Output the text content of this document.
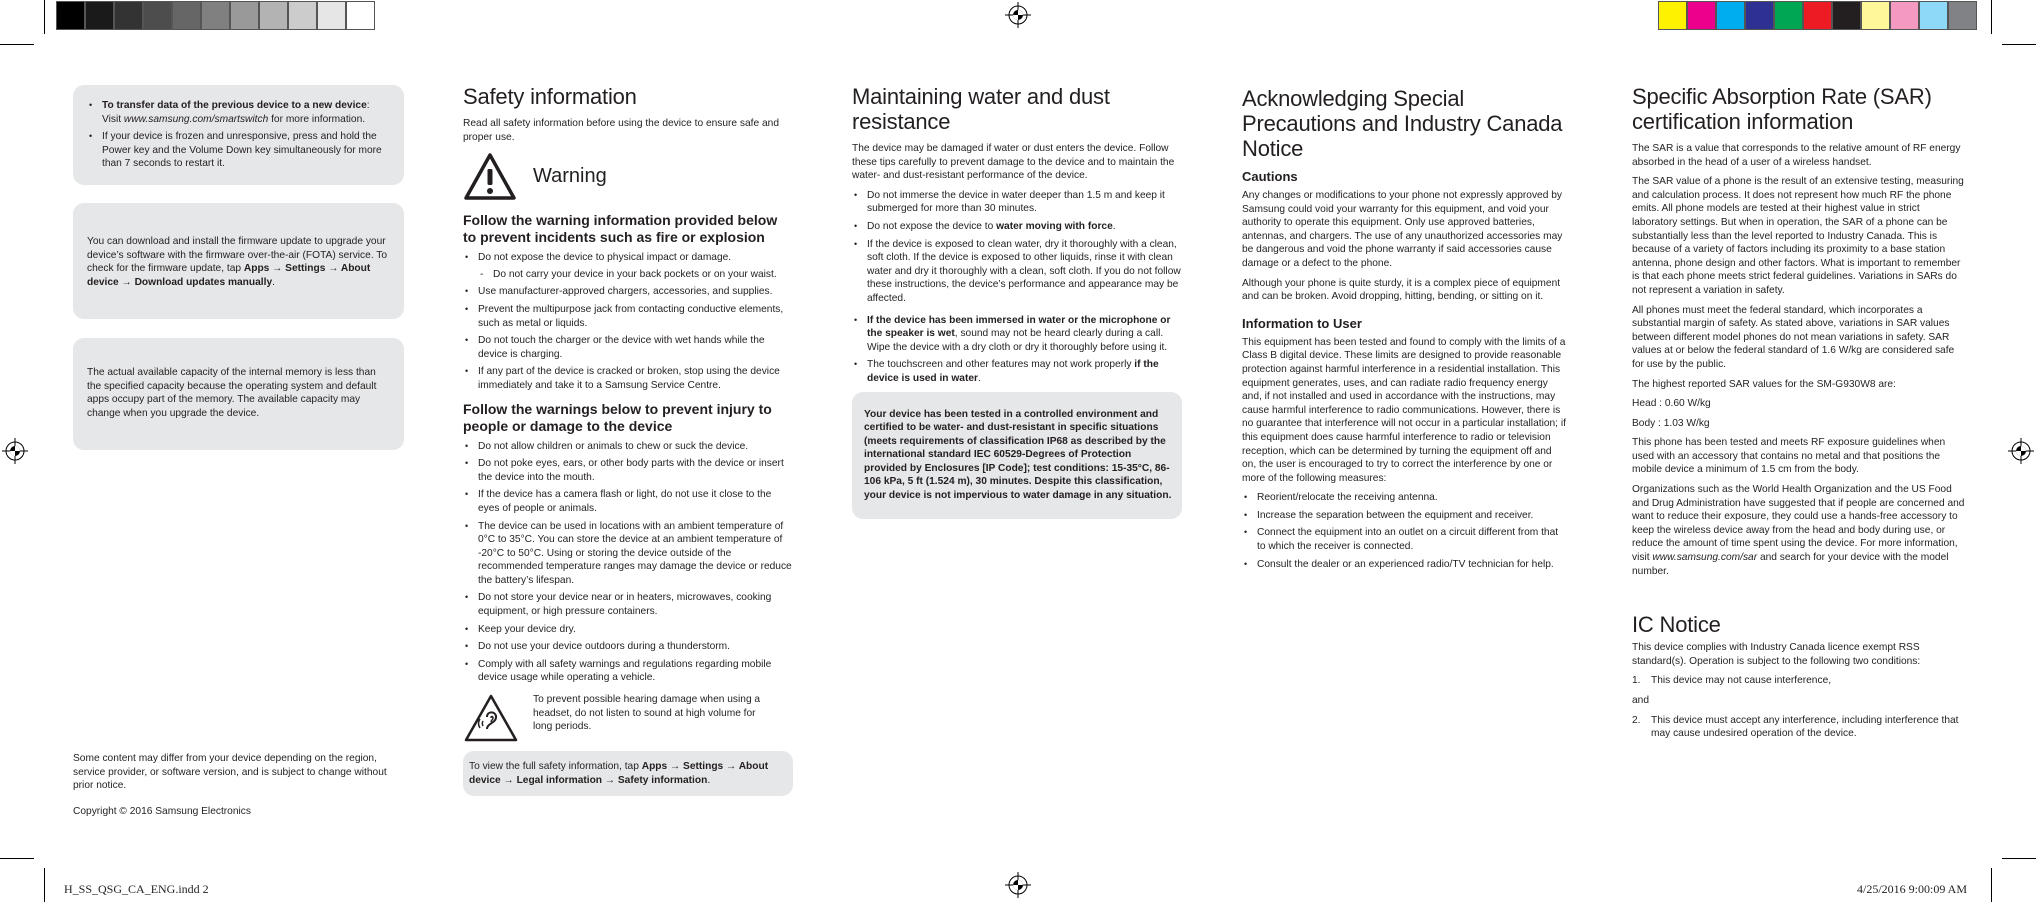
H_SS_QSG_CA_ENG.indd 2	4/25/2016 9:00:09 AM
• To transfer data of the previous device to a new device: Visit www.samsung.com/smartswitch for more information.
• If your device is frozen and unresponsive, press and hold the Power key and the Volume Down key simultaneously for more than 7 seconds to restart it.
You can download and install the firmware update to upgrade your device’s software with the firmware over-the-air (FOTA) service. To check for the firmware update, tap Apps → Settings → About device → Download updates manually.
The actual available capacity of the internal memory is less than the specified capacity because the operating system and default apps occupy part of the memory. The available capacity may change when you upgrade the device.

Some content may differ from your device depending on the region, service provider, or software version, and is subject to change without prior notice.

Copyright © 2016 Samsung Electronics

Safety information

Read all safety information before using the device to ensure safe and proper use.

Warning
Follow the warning information provided below to prevent incidents such as fire or explosion
• Do not expose the device to physical impact or damage.
- Do not carry your device in your back pockets or on your waist.
• Use manufacturer-approved chargers, accessories, and supplies.
• Prevent the multipurpose jack from contacting conductive elements, such as metal or liquids.
• Do not touch the charger or the device with wet hands while the device is charging.
• If any part of the device is cracked or broken, stop using the device immediately and take it to a Samsung Service Centre.
Follow the warnings below to prevent injury to people or damage to the device
• Do not allow children or animals to chew or suck the device.
• Do not poke eyes, ears, or other body parts with the device or insert the device into the mouth.
• If the device has a camera flash or light, do not use it close to the eyes of people or animals.
• The device can be used in locations with an ambient temperature of 0°C to 35°C. You can store the device at an ambient temperature of -20°C to 50°C. Using or storing the device outside of the recommended temperature ranges may damage the device or reduce the battery’s lifespan.
• Do not store your device near or in heaters, microwaves, cooking equipment, or high pressure containers.
• Keep your device dry.
• Do not use your device outdoors during a thunderstorm.
• Comply with all safety warnings and regulations regarding mobile device usage while operating a vehicle.
To prevent possible hearing damage when using a headset, do not listen to sound at high volume for long periods.
To view the full safety information, tap Apps → Settings → About device → Legal information → Safety information.
Maintaining water and dust resistance

The device may be damaged if water or dust enters the device. Follow these tips carefully to prevent damage to the device and to maintain the water- and dust-resistant performance of the device.

• Do not immerse the device in water deeper than 1.5 m and keep it submerged for more than 30 minutes.
• Do not expose the device to water moving with force.
• If the device is exposed to clean water, dry it thoroughly with a clean, soft cloth. If the device is exposed to other liquids, rinse it with clean water and dry it thoroughly with a clean, soft cloth. If you do not follow these instructions, the device’s performance and appearance may be affected.
• If the device has been immersed in water or the microphone or the speaker is wet, sound may not be heard clearly during a call. Wipe the device with a dry cloth or dry it thoroughly before using it.
• The touchscreen and other features may not work properly if the device is used in water.
Your device has been tested in a controlled environment and certified to be water- and dust-resistant in specific situations (meets requirements of classification IP68 as described by the international standard IEC 60529-Degrees of Protection provided by Enclosures [IP Code]; test conditions: 15-35°C, 86-106 kPa, 5 ft (1.524 m), 30 minutes. Despite this classification, your device is not impervious to water damage in any situation.
Acknowledging Special Precautions and Industry Canada Notice
Cautions

Any changes or modifications to your phone not expressly approved by Samsung could void your warranty for this equipment, and void your authority to operate this equipment. Only use approved batteries, antennas, and chargers. The use of any unauthorized accessories may be dangerous and void the phone warranty if said accessories cause damage or a defect to the phone.

Although your phone is quite sturdy, it is a complex piece of equipment and can be broken. Avoid dropping, hitting, bending, or sitting on it.

Information to User

This equipment has been tested and found to comply with the limits of a Class B digital device. These limits are designed to provide reasonable protection against harmful interference in a residential installation. This equipment generates, uses, and can radiate radio frequency energy and, if not installed and used in accordance with the instructions, may cause harmful interference to radio communications. However, there is no guarantee that interference will not occur in a particular installation; if this equipment does cause harmful interference to radio or television reception, which can be determined by turning the equipment off and on, the user is encouraged to try to correct the interference by one or more of the following measures:

• Reorient/relocate the receiving antenna.
• Increase the separation between the equipment and receiver.
• Connect the equipment into an outlet on a circuit different from that to which the receiver is connected.
• Consult the dealer or an experienced radio/TV technician for help.
Specific Absorption Rate (SAR) certification information

The SAR is a value that corresponds to the relative amount of RF energy absorbed in the head of a user of a wireless handset.

The SAR value of a phone is the result of an extensive testing, measuring and calculation process. It does not represent how much RF the phone emits. All phone models are tested at their highest value in strict laboratory settings. But when in operation, the SAR of a phone can be substantially less than the level reported to Industry Canada. This is because of a variety of factors including its proximity to a base station antenna, phone design and other factors. What is important to remember is that each phone meets strict federal guidelines. Variations in SARs do not represent a variation in safety.

All phones must meet the federal standard, which incorporates a substantial margin of safety. As stated above, variations in SAR values between different model phones do not mean variations in safety. SAR values at or below the federal standard of 1.6 W/kg are considered safe for use by the public.

The highest reported SAR values for the SM-G930W8 are:

Head : 0.60 W/kg

Body : 1.03 W/kg

This phone has been tested and meets RF exposure guidelines when used with an accessory that contains no metal and that positions the mobile device a minimum of 1.5 cm from the body.

Organizations such as the World Health Organization and the US Food and Drug Administration have suggested that if people are concerned and want to reduce their exposure, they could use a hands-free accessory to keep the wireless device away from the head and body during use, or reduce the amount of time spent using the device. For more information, visit www.samsung.com/sar and search for your device with the model number.

IC Notice

This device complies with Industry Canada licence exempt RSS standard(s). Operation is subject to the following two conditions:

1. This device may not cause interference,

and

2. This device must accept any interference, including interference that may cause undesired operation of the device.
